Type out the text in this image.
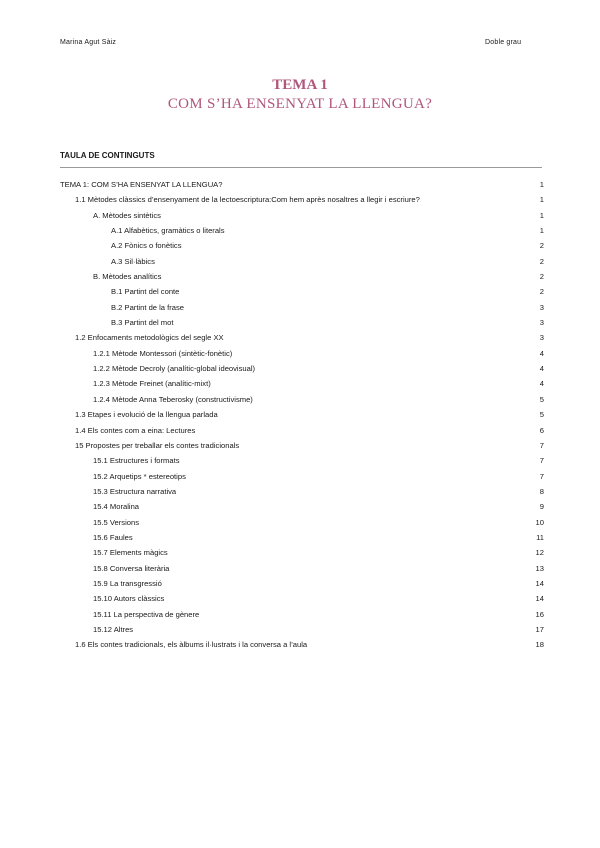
Marina Agut Sàiz	Doble grau
TEMA 1
COM S’HA ENSENYAT LA LLENGUA?
TAULA DE CONTINGUTS
TEMA 1: COM S’HA ENSENYAT LA LLENGUA?	1
1.1 Mètodes clàssics d’ensenyament de la lectoescriptura:Com hem après nosaltres a llegir i escriure?	1
A. Mètodes sintètics	1
A.1 Alfabètics, gramàtics o literals	1
A.2 Fònics o fonètics	2
A.3 Sil·làbics	2
B. Mètodes analítics	2
B.1 Partint del conte	2
B.2 Partint de la frase	3
B.3 Partint del mot	3
1.2 Enfocaments metodològics del segle XX	3
1.2.1 Mètode Montessori (sintètic-fonètic)	4
1.2.2 Mètode Decroly (analític-global ideovisual)	4
1.2.3 Mètode Freinet (analític-mixt)	4
1.2.4 Mètode Anna Teberosky (constructivisme)	5
1.3 Etapes i evolució de la llengua parlada	5
1.4 Els contes com a eina: Lectures	6
15 Propostes per treballar els contes tradicionals	7
15.1 Estructures i formats	7
15.2 Arquetips * estereotips	7
15.3 Estructura narrativa	8
15.4 Moralina	9
15.5 Versions	10
15.6 Faules	11
15.7 Elements màgics	12
15.8 Conversa literària	13
15.9 La transgressió	14
15.10 Autors clàssics	14
15.11 La perspectiva de gènere	16
15.12 Altres	17
1.6 Els contes tradicionals, els àlbums il·lustrats i la conversa a l’aula	18
